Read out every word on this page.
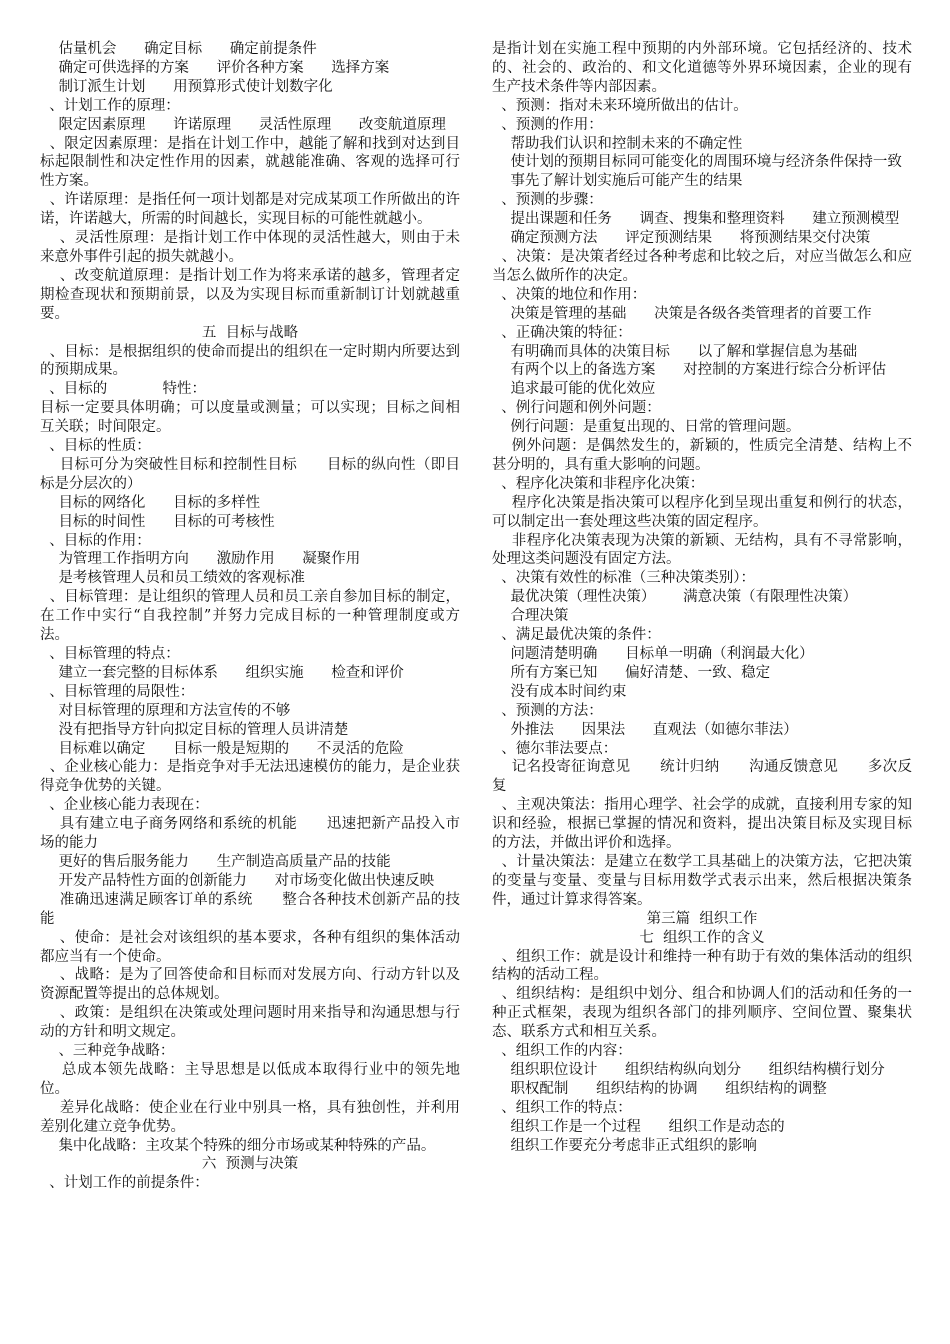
估量机会      确定目标      确定前提条件

确定可供选择的方案      评价各种方案      选择方案

制订派生计划      用预算形式使计划数字化

、计划工作的原理：

限定因素原理      许诺原理      灵活性原理      改变航道原理

、限定因素原理：是指在计划工作中，越能了解和找到对达到目标起限制性和决定性作用的因素，就越能准确、客观的选择可行性方案。

、许诺原理：是指任何一项计划都是对完成某项工作所做出的许诺，许诺越大，所需的时间越长，实现目标的可能性就越小。

、灵活性原理：是指计划工作中体现的灵活性越大，则由于未来意外事件引起的损失就越小。

、改变航道原理：是指计划工作为将来承诺的越多，管理者定期检查现状和预期前景，以及为实现目标而重新制订计划就越重要。

五  目标与战略

、目标：是根据组织的使命而提出的组织在一定时期内所要达到的预期成果。

、目标的            特性：

目标一定要具体明确；可以度量或测量；可以实现；目标之间相互关联；时间限定。

、目标的性质：

目标可分为突破性目标和控制性目标      目标的纵向性（即目标是分层次的）

目标的网络化      目标的多样性

目标的时间性      目标的可考核性

、目标的作用：

为管理工作指明方向      激励作用      凝聚作用

是考核管理人员和员工绩效的客观标准

、目标管理：是让组织的管理人员和员工亲自参加目标的制定，在工作中实行“自我控制”并努力完成目标的一种管理制度或方法。

、目标管理的特点：

建立一套完整的目标体系      组织实施      检查和评价

、目标管理的局限性：

对目标管理的原理和方法宣传的不够

没有把指导方针向拟定目标的管理人员讲清楚

目标难以确定      目标一般是短期的      不灵活的危险

、企业核心能力：是指竞争对手无法迅速模仿的能力，是企业获得竞争优势的关键。

、企业核心能力表现在：

具有建立电子商务网络和系统的机能      迅速把新产品投入市场的能力

更好的售后服务能力      生产制造高质量产品的技能

开发产品特性方面的创新能力      对市场变化做出快速反映

准确迅速满足顾客订单的系统      整合各种技术创新产品的技能

、使命：是社会对该组织的基本要求，各种有组织的集体活动都应当有一个使命。

、战略：是为了回答使命和目标而对发展方向、行动方针以及资源配置等提出的总体规划。

、政策：是组织在决策或处理问题时用来指导和沟通思想与行动的方针和明文规定。

、三种竞争战略：

总成本领先战略：主导思想是以低成本取得行业中的领先地位。

差异化战略：使企业在行业中别具一格，具有独创性，并利用差别化建立竞争优势。

集中化战略：主攻某个特殊的细分市场或某种特殊的产品。

六  预测与决策

、计划工作的前提条件：

是指计划在实施工程中预期的内外部环境。它包括经济的、技术的、社会的、政治的、和文化道德等外界环境因素，企业的现有生产技术条件等内部因素。

、预测：指对未来环境所做出的估计。

、预测的作用：

帮助我们认识和控制未来的不确定性

使计划的预期目标同可能变化的周围环境与经济条件保持一致

事先了解计划实施后可能产生的结果

、预测的步骤：

提出课题和任务      调查、搜集和整理资料      建立预测模型

确定预测方法      评定预测结果      将预测结果交付决策

、决策：是决策者经过各种考虑和比较之后，对应当做怎么和应当怎么做所作的决定。

、决策的地位和作用：

决策是管理的基础      决策是各级各类管理者的首要工作

、正确决策的特征：

有明确而具体的决策目标      以了解和掌握信息为基础

有两个以上的备选方案      对控制的方案进行综合分析评估

追求最可能的优化效应

、例行问题和例外问题：

例行问题：是重复出现的、日常的管理问题。

例外问题：是偶然发生的，新颖的，性质完全清楚、结构上不甚分明的，具有重大影响的问题。

、程序化决策和非程序化决策：

程序化决策是指决策可以程序化到呈现出重复和例行的状态，可以制定出一套处理这些决策的固定程序。

非程序化决策表现为决策的新颖、无结构，具有不寻常影响，处理这类问题没有固定方法。

、决策有效性的标准（三种决策类别）：

最优决策（理性决策）      满意决策（有限理性决策）

合理决策

、满足最优决策的条件：

问题清楚明确      目标单一明确（利润最大化）

所有方案已知      偏好清楚、一致、稳定

没有成本时间约束

、预测的方法：

外推法      因果法      直观法（如德尔菲法）

、德尔菲法要点：

记名投寄征询意见      统计归纳      沟通反馈意见      多次反复

、主观决策法：指用心理学、社会学的成就，直接利用专家的知识和经验，根据已掌握的情况和资料，提出决策目标及实现目标的方法，并做出评价和选择。

、计量决策法：是建立在数学工具基础上的决策方法，它把决策的变量与变量、变量与目标用数学式表示出来，然后根据决策条件，通过计算求得答案。

第三篇  组织工作

七  组织工作的含义

、组织工作：就是设计和维持一种有助于有效的集体活动的组织结构的活动工程。

、组织结构：是组织中划分、组合和协调人们的活动和任务的一种正式框架，表现为组织各部门的排列顺序、空间位置、聚集状态、联系方式和相互关系。

、组织工作的内容：

组织职位设计      组织结构纵向划分      组织结构横行划分

职权配制      组织结构的协调      组织结构的调整

、组织工作的特点：

组织工作是一个过程      组织工作是动态的

组织工作要充分考虑非正式组织的影响
